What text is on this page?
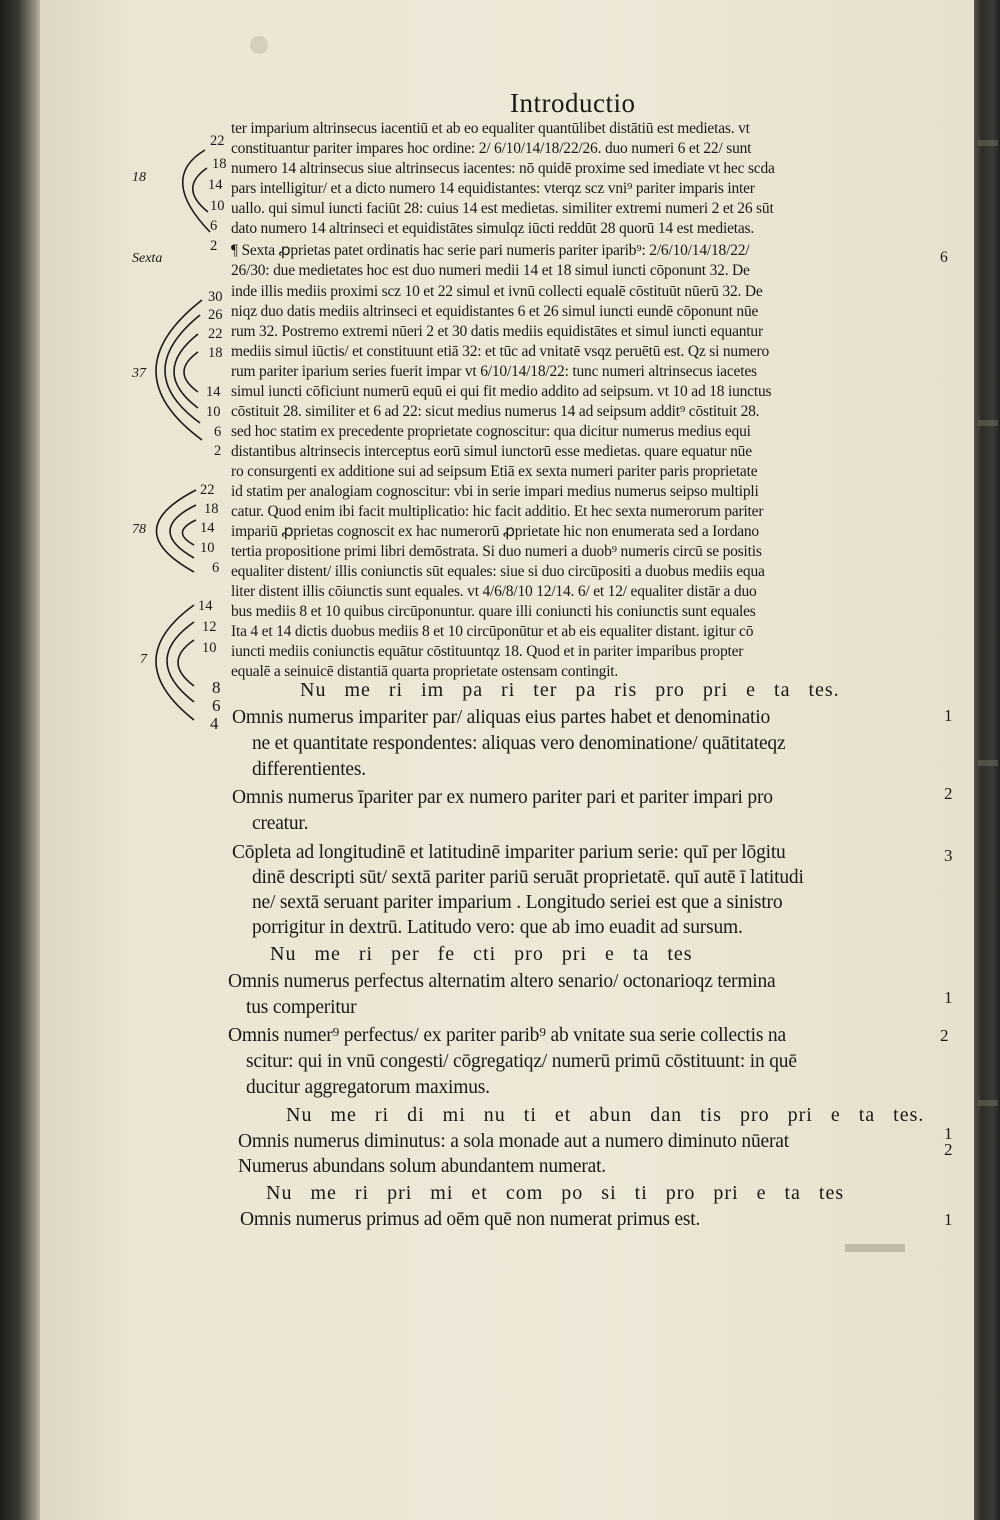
Introductio
18
Sexta
37
78
7
22
18
14
10
6
2
30
26
22
18
14
10
6
2
22
18
14
10
6
14
12
10
8
6
4
ter imparium altrinsecus iacentiū et ab eo equaliter quantūlibet distātiū est medietas. vt
constituantur pariter impares hoc ordine: 2/ 6/10/14/18/22/26. duo numeri 6 et 22/ sunt
numero 14 altrinsecus siue altrinsecus iacentes: nō quidē proxime sed imediate vt hec scda
pars intelligitur/ et a dicto numero 14 equidistantes: vterqz scz vni⁹ pariter imparis inter
uallo. qui simul iuncti faciūt 28: cuius 14 est medietas. similiter extremi numeri 2 et 26 sūt
dato numero 14 altrinseci et equidistātes simulqz iūcti reddūt 28 quorū 14 est medietas.
¶ Sexta ꝓprietas patet ordinatis hac serie pari numeris pariter iparib⁹: 2/6/10/14/18/22/
26/30: due medietates hoc est duo numeri medii 14 et 18 simul iuncti cōponunt 32. De
inde illis mediis proximi scz 10 et 22 simul et ivnū collecti equalē cōstituūt nūerū 32. De
niqz duo datis mediis altrinseci et equidistantes 6 et 26 simul iuncti eundē cōponunt nūe
rum 32. Postremo extremi nūeri 2 et 30 datis mediis equidistātes et simul iuncti equantur
mediis simul iūctis/ et constituunt etiā 32: et tūc ad vnitatē vsqz peruētū est. Qz si numero
rum pariter iparium series fuerit impar vt 6/10/14/18/22: tunc numeri altrinsecus iacetes
simul iuncti cōficiunt numerū equū ei qui fit medio addito ad seipsum. vt 10 ad 18 iunctus
cōstituit 28. similiter et 6 ad 22: sicut medius numerus 14 ad seipsum addit⁹ cōstituit 28.
sed hoc statim ex precedente proprietate cognoscitur: qua dicitur numerus medius equi
distantibus altrinsecis interceptus eorū simul iunctorū esse medietas. quare equatur nūe
ro consurgenti ex additione sui ad seipsum Etiā ex sexta numeri pariter paris proprietate
id statim per analogiam cognoscitur: vbi in serie impari medius numerus seipso multipli
catur. Quod enim ibi facit multiplicatio: hic facit additio. Et hec sexta numerorum pariter
impariū ꝓprietas cognoscit ex hac numerorū ꝓprietate hic non enumerata sed a Iordano
tertia propositione primi libri demōstrata. Si duo numeri a duob⁹ numeris circū se positis
equaliter distent/ illis coniunctis sūt equales: siue si duo circūpositi a duobus mediis equa
liter distent illis cōiunctis sunt equales. vt 4/6/8/10 12/14. 6/ et 12/ equaliter distār a duo
bus mediis 8 et 10 quibus circūponuntur. quare illi coniuncti his coniunctis sunt equales
Ita 4 et 14 dictis duobus mediis 8 et 10 circūponūtur et ab eis equaliter distant. igitur cō
iuncti mediis coniunctis equātur cōstituuntqz 18. Quod et in pariter imparibus propter
equalē a seinuicē distantiā quarta proprietate ostensam contingit.
6
Nu me ri im pa ri ter pa ris pro pri e ta tes.
Omnis numerus impariter par/ aliquas eius partes habet et denominatio
ne et quantitate respondentes: aliquas vero denominatione/ quātitateqz
differentientes.
Omnis numerus īpariter par ex numero pariter pari et pariter impari pro
creatur.
Cōpleta ad longitudinē et latitudinē impariter parium serie: quī per lōgitu
dinē descripti sūt/ sextā pariter pariū seruāt proprietatē. quī autē ī latitudi
ne/ sextā seruant pariter imparium . Longitudo seriei est que a sinistro
porrigitur in dextrū. Latitudo vero: que ab imo euadit ad sursum.
Nu me ri per fe cti pro pri e ta tes
Omnis numerus perfectus alternatim altero senario/ octonarioqz termina
tus comperitur
Omnis numer⁹ perfectus/ ex pariter parib⁹ ab vnitate sua serie collectis na
scitur: qui in vnū congesti/ cōgregatiqz/ numerū primū cōstituunt: in quē
ducitur aggregatorum maximus.
Nu me ri di mi nu ti et abun dan tis pro pri e ta tes.
Omnis numerus diminutus: a sola monade aut a numero diminuto nūerat
Numerus abundans solum abundantem numerat.
Nu me ri pri mi et com po si ti pro pri e ta tes
Omnis numerus primus ad oēm quē non numerat primus est.
1
2
3
1
2
1
2
1
